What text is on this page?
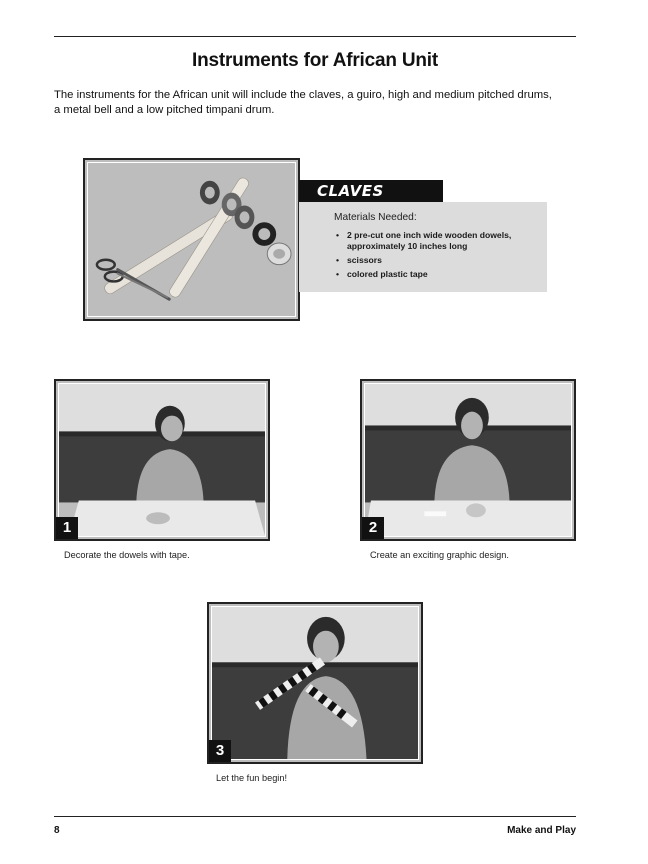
Instruments for African Unit
The instruments for the African unit will include the claves, a guiro, high and medium pitched drums, a metal bell and a low pitched timpani drum.
CLAVES
Materials Needed:
• 2 pre-cut one inch wide wooden dowels, approximately 10 inches long
• scissors
• colored plastic tape
1
Decorate the dowels with tape.
2
Create an exciting graphic design.
3
Let the fun begin!
8	Make and Play
